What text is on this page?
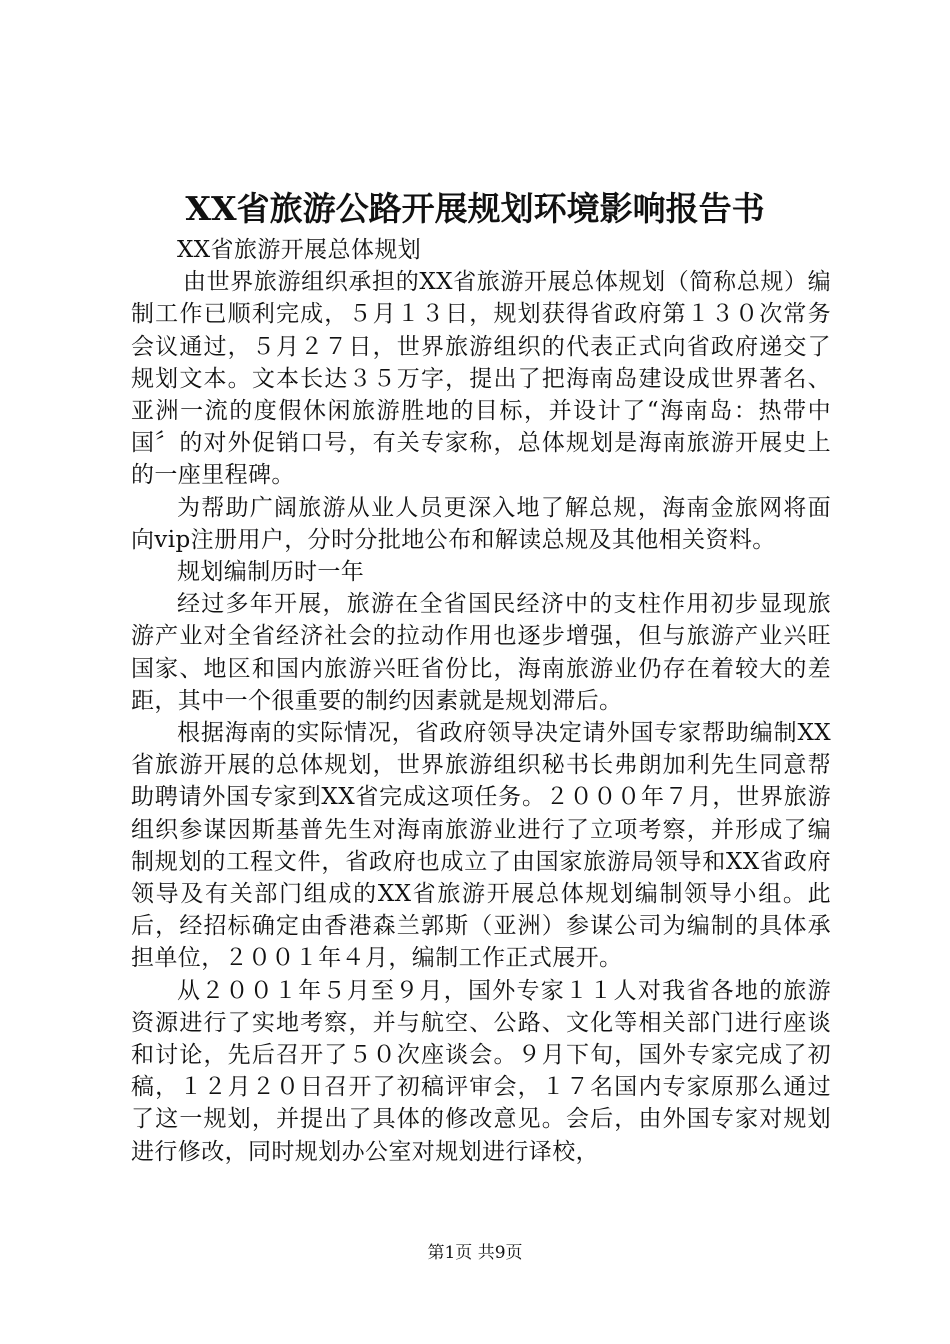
XX省旅游公路开展规划环境影响报告书

XX省旅游开展总体规划

由世界旅游组织承担的XX省旅游开展总体规划（简称总规）编制工作已顺利完成，５月１３日，规划获得省政府第１３０次常务会议通过，５月２７日，世界旅游组织的代表正式向省政府递交了规划文本。文本长达３５万字，提出了把海南岛建设成世界著名、亚洲一流的度假休闲旅游胜地的目标，并设计了“海南岛：热带中国〞的对外促销口号，有关专家称，总体规划是海南旅游开展史上的一座里程碑。

为帮助广阔旅游从业人员更深入地了解总规，海南金旅网将面向vip注册用户，分时分批地公布和解读总规及其他相关资料。

规划编制历时一年

经过多年开展，旅游在全省国民经济中的支柱作用初步显现旅游产业对全省经济社会的拉动作用也逐步增强，但与旅游产业兴旺国家、地区和国内旅游兴旺省份比，海南旅游业仍存在着较大的差距，其中一个很重要的制约因素就是规划滞后。

根据海南的实际情况，省政府领导决定请外国专家帮助编制XX省旅游开展的总体规划，世界旅游组织秘书长弗朗加利先生同意帮助聘请外国专家到XX省完成这项任务。２０００年７月，世界旅游组织参谋因斯基普先生对海南旅游业进行了立项考察，并形成了编制规划的工程文件，省政府也成立了由国家旅游局领导和XX省政府领导及有关部门组成的XX省旅游开展总体规划编制领导小组。此后，经招标确定由香港森兰郭斯（亚洲）参谋公司为编制的具体承担单位，２００１年４月，编制工作正式展开。

从２００１年５月至９月，国外专家１１人对我省各地的旅游资源进行了实地考察，并与航空、公路、文化等相关部门进行座谈和讨论，先后召开了５０次座谈会。９月下旬，国外专家完成了初稿，１２月２０日召开了初稿评审会，１７名国内专家原那么通过了这一规划，并提出了具体的修改意见。会后，由外国专家对规划进行修改，同时规划办公室对规划进行译校，

第1页 共9页
